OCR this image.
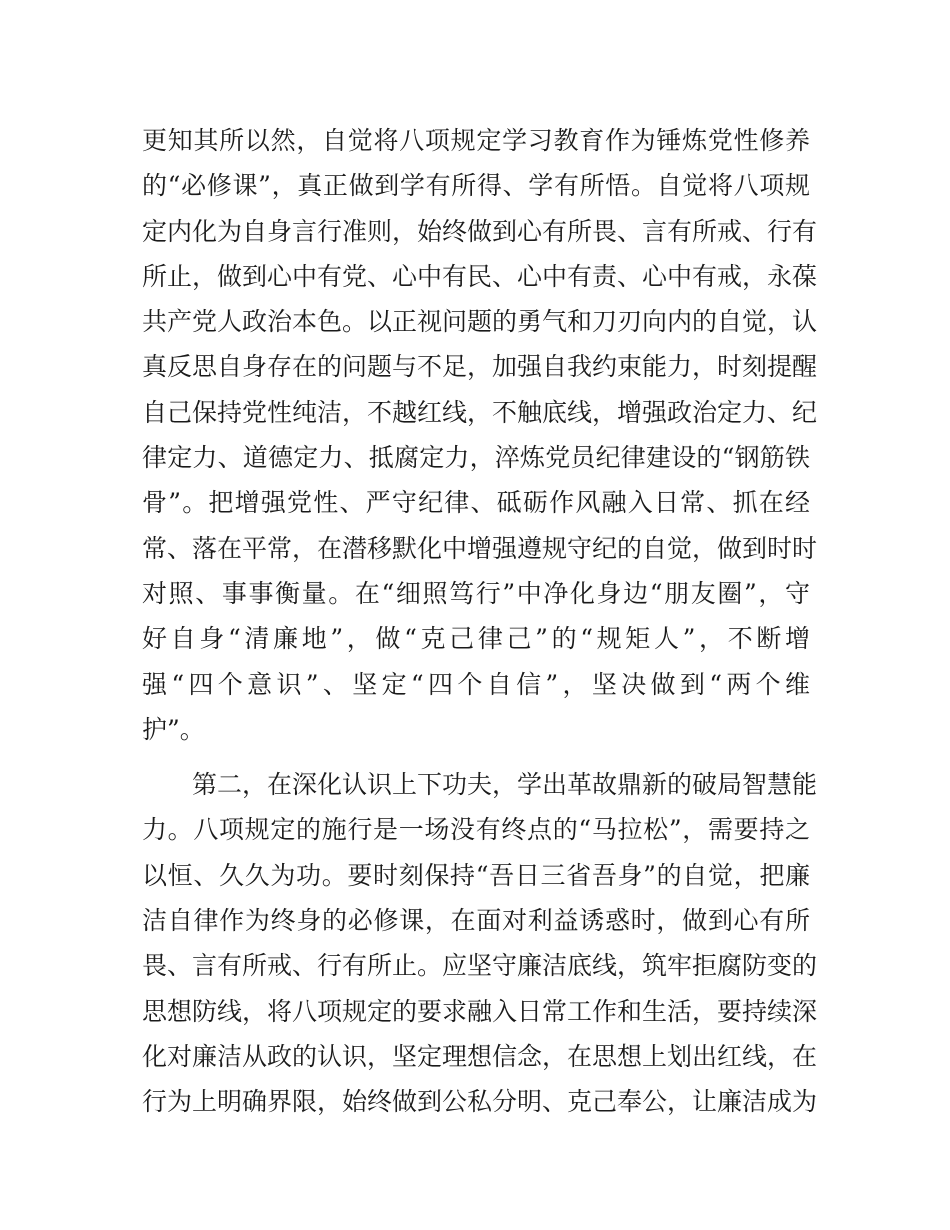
更知其所以然，自觉将八项规定学习教育作为锤炼党性修养
的“必修课”，真正做到学有所得、学有所悟。自觉将八项规
定内化为自身言行准则，始终做到心有所畏、言有所戒、行有
所止，做到心中有党、心中有民、心中有责、心中有戒，永葆
共产党人政治本色。以正视问题的勇气和刀刃向内的自觉，认
真反思自身存在的问题与不足，加强自我约束能力，时刻提醒
自己保持党性纯洁，不越红线，不触底线，增强政治定力、纪
律定力、道德定力、抵腐定力，淬炼党员纪律建设的“钢筋铁
骨”。把增强党性、严守纪律、砥砺作风融入日常、抓在经
常、落在平常，在潜移默化中增强遵规守纪的自觉，做到时时
对照、事事衡量。在“细照笃行”中净化身边“朋友圈”，守
好自身“清廉地”，做“克己律己”的“规矩人”，不断增
强“四个意识”、坚定“四个自信”，坚决做到“两个维
护”。
　　第二，在深化认识上下功夫，学出革故鼎新的破局智慧能
力。八项规定的施行是一场没有终点的“马拉松”，需要持之
以恒、久久为功。要时刻保持“吾日三省吾身”的自觉，把廉
洁自律作为终身的必修课，在面对利益诱惑时，做到心有所
畏、言有所戒、行有所止。应坚守廉洁底线，筑牢拒腐防变的
思想防线，将八项规定的要求融入日常工作和生活，要持续深
化对廉洁从政的认识，坚定理想信念，在思想上划出红线，在
行为上明确界限，始终做到公私分明、克己奉公，让廉洁成为
